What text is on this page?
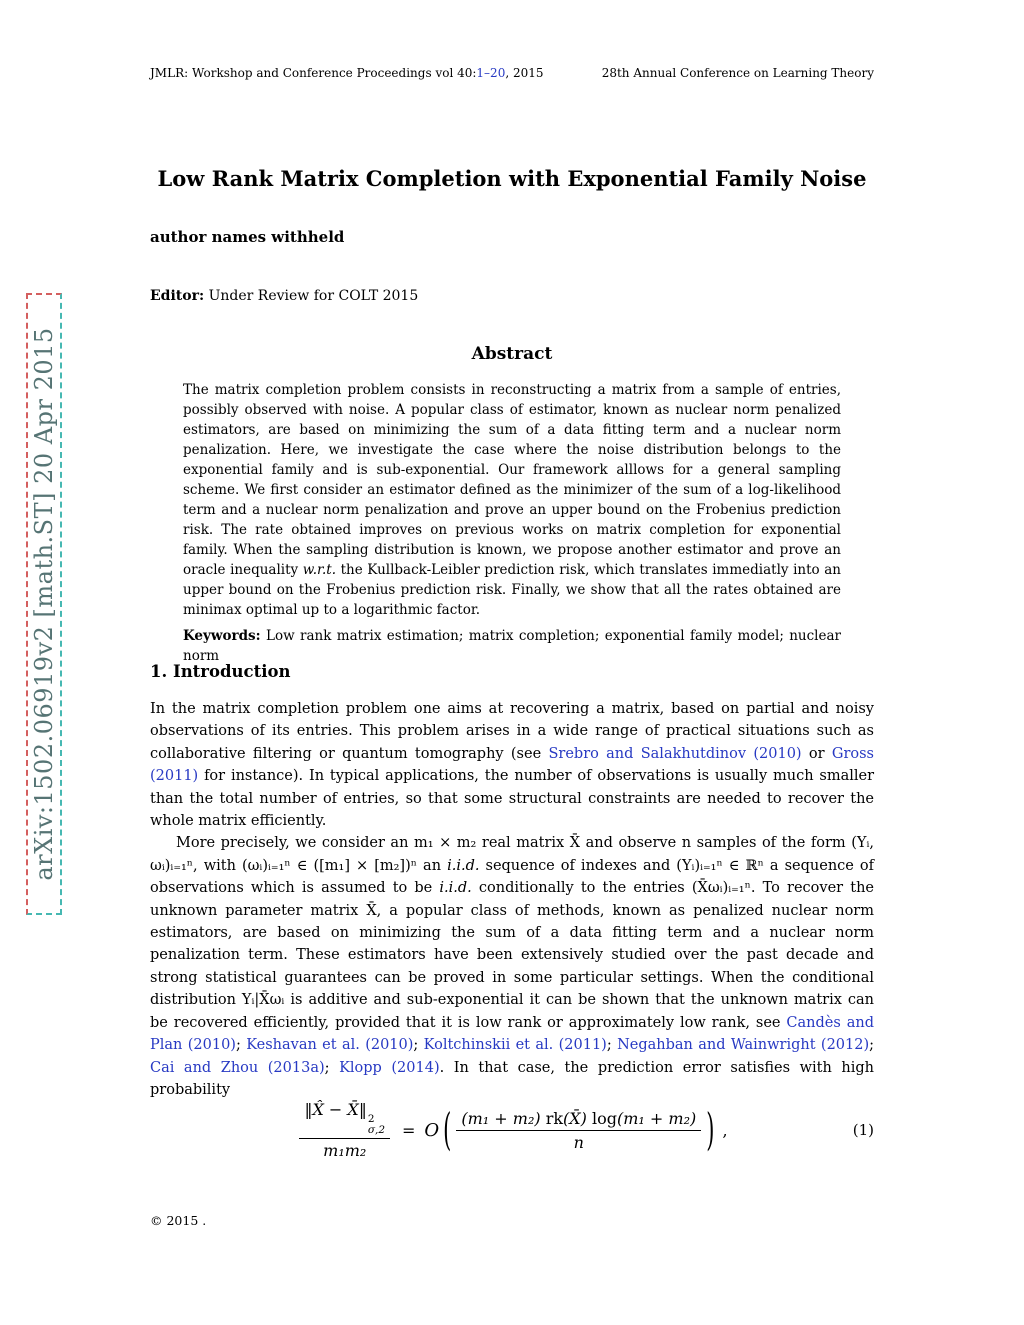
arXiv:1502.06919v2 [math.ST] 20 Apr 2015
JMLR: Workshop and Conference Proceedings vol 40:1–20, 2015	28th Annual Conference on Learning Theory
Low Rank Matrix Completion with Exponential Family Noise
author names withheld
Editor: Under Review for COLT 2015
Abstract

The matrix completion problem consists in reconstructing a matrix from a sample of entries, possibly observed with noise. A popular class of estimator, known as nuclear norm penalized estimators, are based on minimizing the sum of a data fitting term and a nuclear norm penalization. Here, we investigate the case where the noise distribution belongs to the exponential family and is sub-exponential. Our framework alllows for a general sampling scheme. We first consider an estimator defined as the minimizer of the sum of a log-likelihood term and a nuclear norm penalization and prove an upper bound on the Frobenius prediction risk. The rate obtained improves on previous works on matrix completion for exponential family. When the sampling distribution is known, we propose another estimator and prove an oracle inequality w.r.t. the Kullback-Leibler prediction risk, which translates immediatly into an upper bound on the Frobenius prediction risk. Finally, we show that all the rates obtained are minimax optimal up to a logarithmic factor.

Keywords: Low rank matrix estimation; matrix completion; exponential family model; nuclear norm

1. Introduction

In the matrix completion problem one aims at recovering a matrix, based on partial and noisy observations of its entries. This problem arises in a wide range of practical situations such as collaborative filtering or quantum tomography (see Srebro and Salakhutdinov (2010) or Gross (2011) for instance). In typical applications, the number of observations is usually much smaller than the total number of entries, so that some structural constraints are needed to recover the whole matrix efficiently.

More precisely, we consider an m₁ × m₂ real matrix X̄ and observe n samples of the form (Yᵢ, ωᵢ)ᵢ₌₁ⁿ, with (ωᵢ)ᵢ₌₁ⁿ ∈ ([m₁] × [m₂])ⁿ an i.i.d. sequence of indexes and (Yᵢ)ᵢ₌₁ⁿ ∈ ℝⁿ a sequence of observations which is assumed to be i.i.d. conditionally to the entries (X̄ωᵢ)ᵢ₌₁ⁿ. To recover the unknown parameter matrix X̄, a popular class of methods, known as penalized nuclear norm estimators, are based on minimizing the sum of a data fitting term and a nuclear norm penalization term. These estimators have been extensively studied over the past decade and strong statistical guarantees can be proved in some particular settings. When the conditional distribution Yᵢ|X̄ωᵢ is additive and sub-exponential it can be shown that the unknown matrix can be recovered efficiently, provided that it is low rank or approximately low rank, see Candès and Plan (2010); Keshavan et al. (2010); Koltchinskii et al. (2011); Negahban and Wainwright (2012); Cai and Zhou (2013a); Klopp (2014). In that case, the prediction error satisfies with high probability

‖X̂ − X̄‖ 2
σ,2
m₁m₂ = O ( $\frac{\text{(m₁ + m₂) rk(X̄) log(m₁ + m₂)}}{n}$ ) ,	(1)
© 2015 .
